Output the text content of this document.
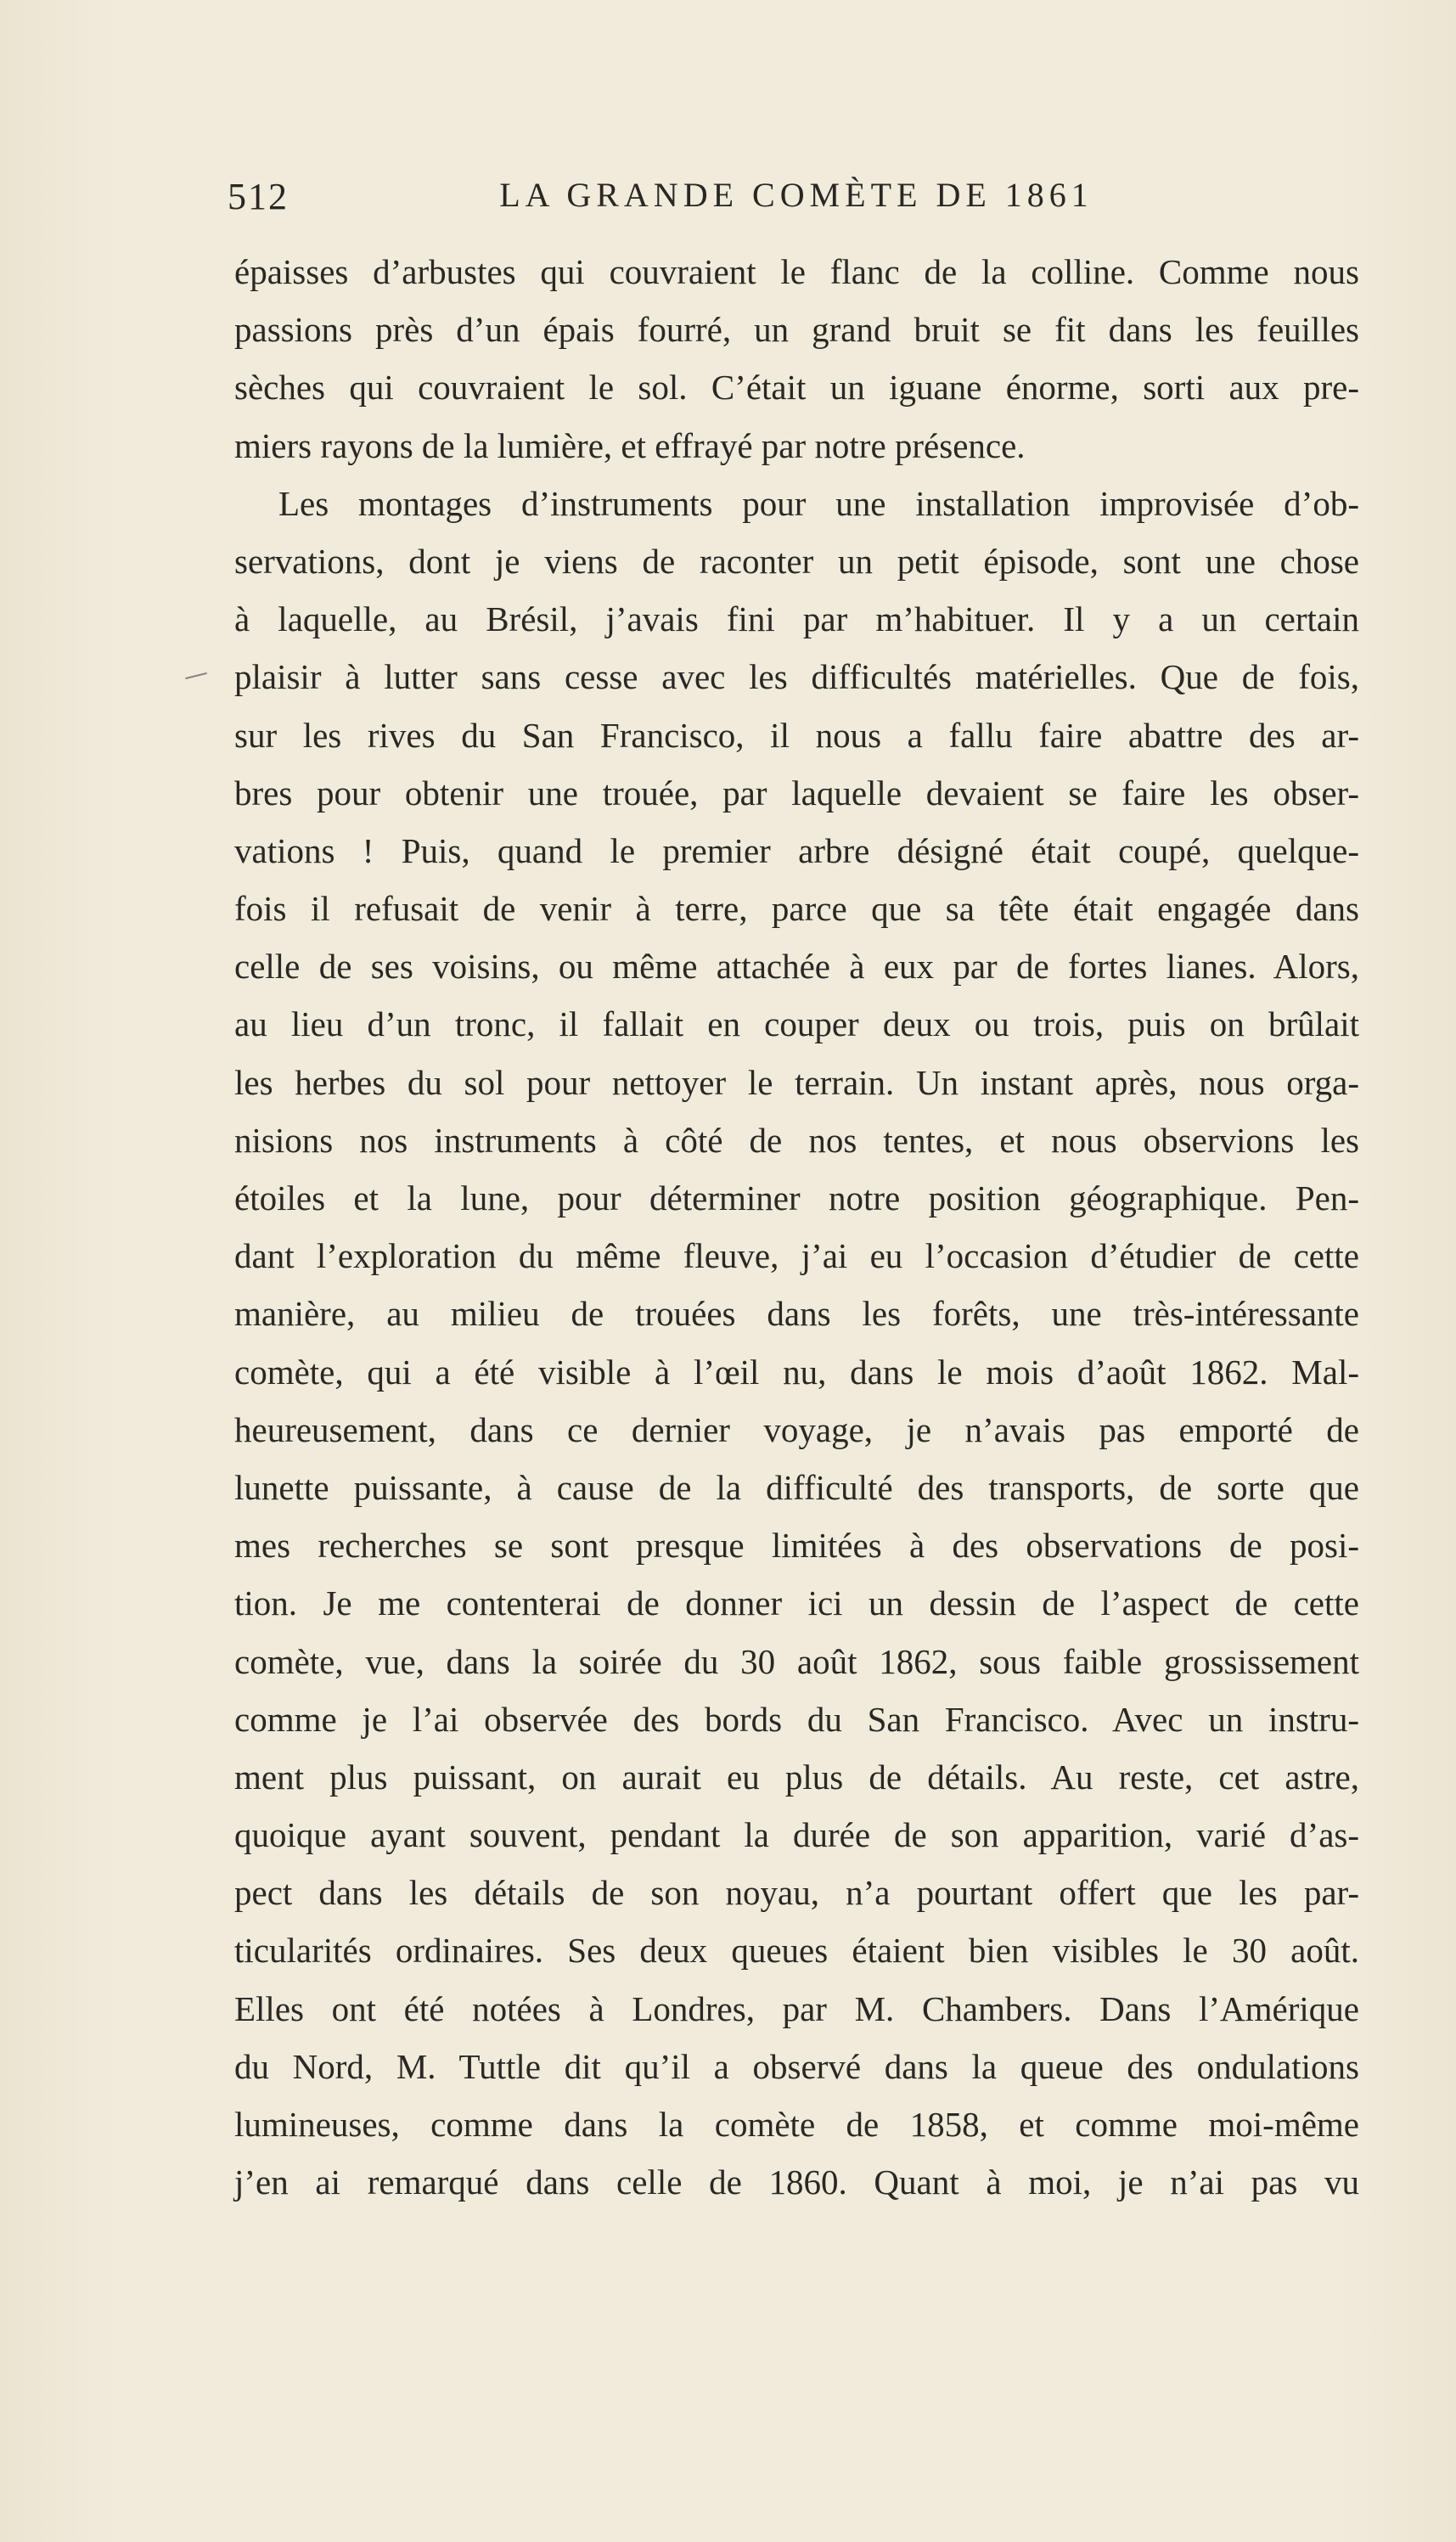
512	LA GRANDE COMÈTE DE 1861
épaisses d’arbustes qui couvraient le flanc de la colline. Comme nous
passions près d’un épais fourré, un grand bruit se fit dans les feuilles
sèches qui couvraient le sol. C’était un iguane énorme, sorti aux pre-
miers rayons de la lumière, et effrayé par notre présence.
Les montages d’instruments pour une installation improvisée d’ob-
servations, dont je viens de raconter un petit épisode, sont une chose
à laquelle, au Brésil, j’avais fini par m’habituer. Il y a un certain
plaisir à lutter sans cesse avec les difficultés matérielles. Que de fois,
sur les rives du San Francisco, il nous a fallu faire abattre des ar-
bres pour obtenir une trouée, par laquelle devaient se faire les obser-
vations ! Puis, quand le premier arbre désigné était coupé, quelque-
fois il refusait de venir à terre, parce que sa tête était engagée dans
celle de ses voisins, ou même attachée à eux par de fortes lianes. Alors,
au lieu d’un tronc, il fallait en couper deux ou trois, puis on brûlait
les herbes du sol pour nettoyer le terrain. Un instant après, nous orga-
nisions nos instruments à côté de nos tentes, et nous observions les
étoiles et la lune, pour déterminer notre position géographique. Pen-
dant l’exploration du même fleuve, j’ai eu l’occasion d’étudier de cette
manière, au milieu de trouées dans les forêts, une très-intéressante
comète, qui a été visible à l’œil nu, dans le mois d’août 1862. Mal-
heureusement, dans ce dernier voyage, je n’avais pas emporté de
lunette puissante, à cause de la difficulté des transports, de sorte que
mes recherches se sont presque limitées à des observations de posi-
tion. Je me contenterai de donner ici un dessin de l’aspect de cette
comète, vue, dans la soirée du 30 août 1862, sous faible grossissement
comme je l’ai observée des bords du San Francisco. Avec un instru-
ment plus puissant, on aurait eu plus de détails. Au reste, cet astre,
quoique ayant souvent, pendant la durée de son apparition, varié d’as-
pect dans les détails de son noyau, n’a pourtant offert que les par-
ticularités ordinaires. Ses deux queues étaient bien visibles le 30 août.
Elles ont été notées à Londres, par M. Chambers. Dans l’Amérique
du Nord, M. Tuttle dit qu’il a observé dans la queue des ondulations
lumineuses, comme dans la comète de 1858, et comme moi-même
j’en ai remarqué dans celle de 1860. Quant à moi, je n’ai pas vu
